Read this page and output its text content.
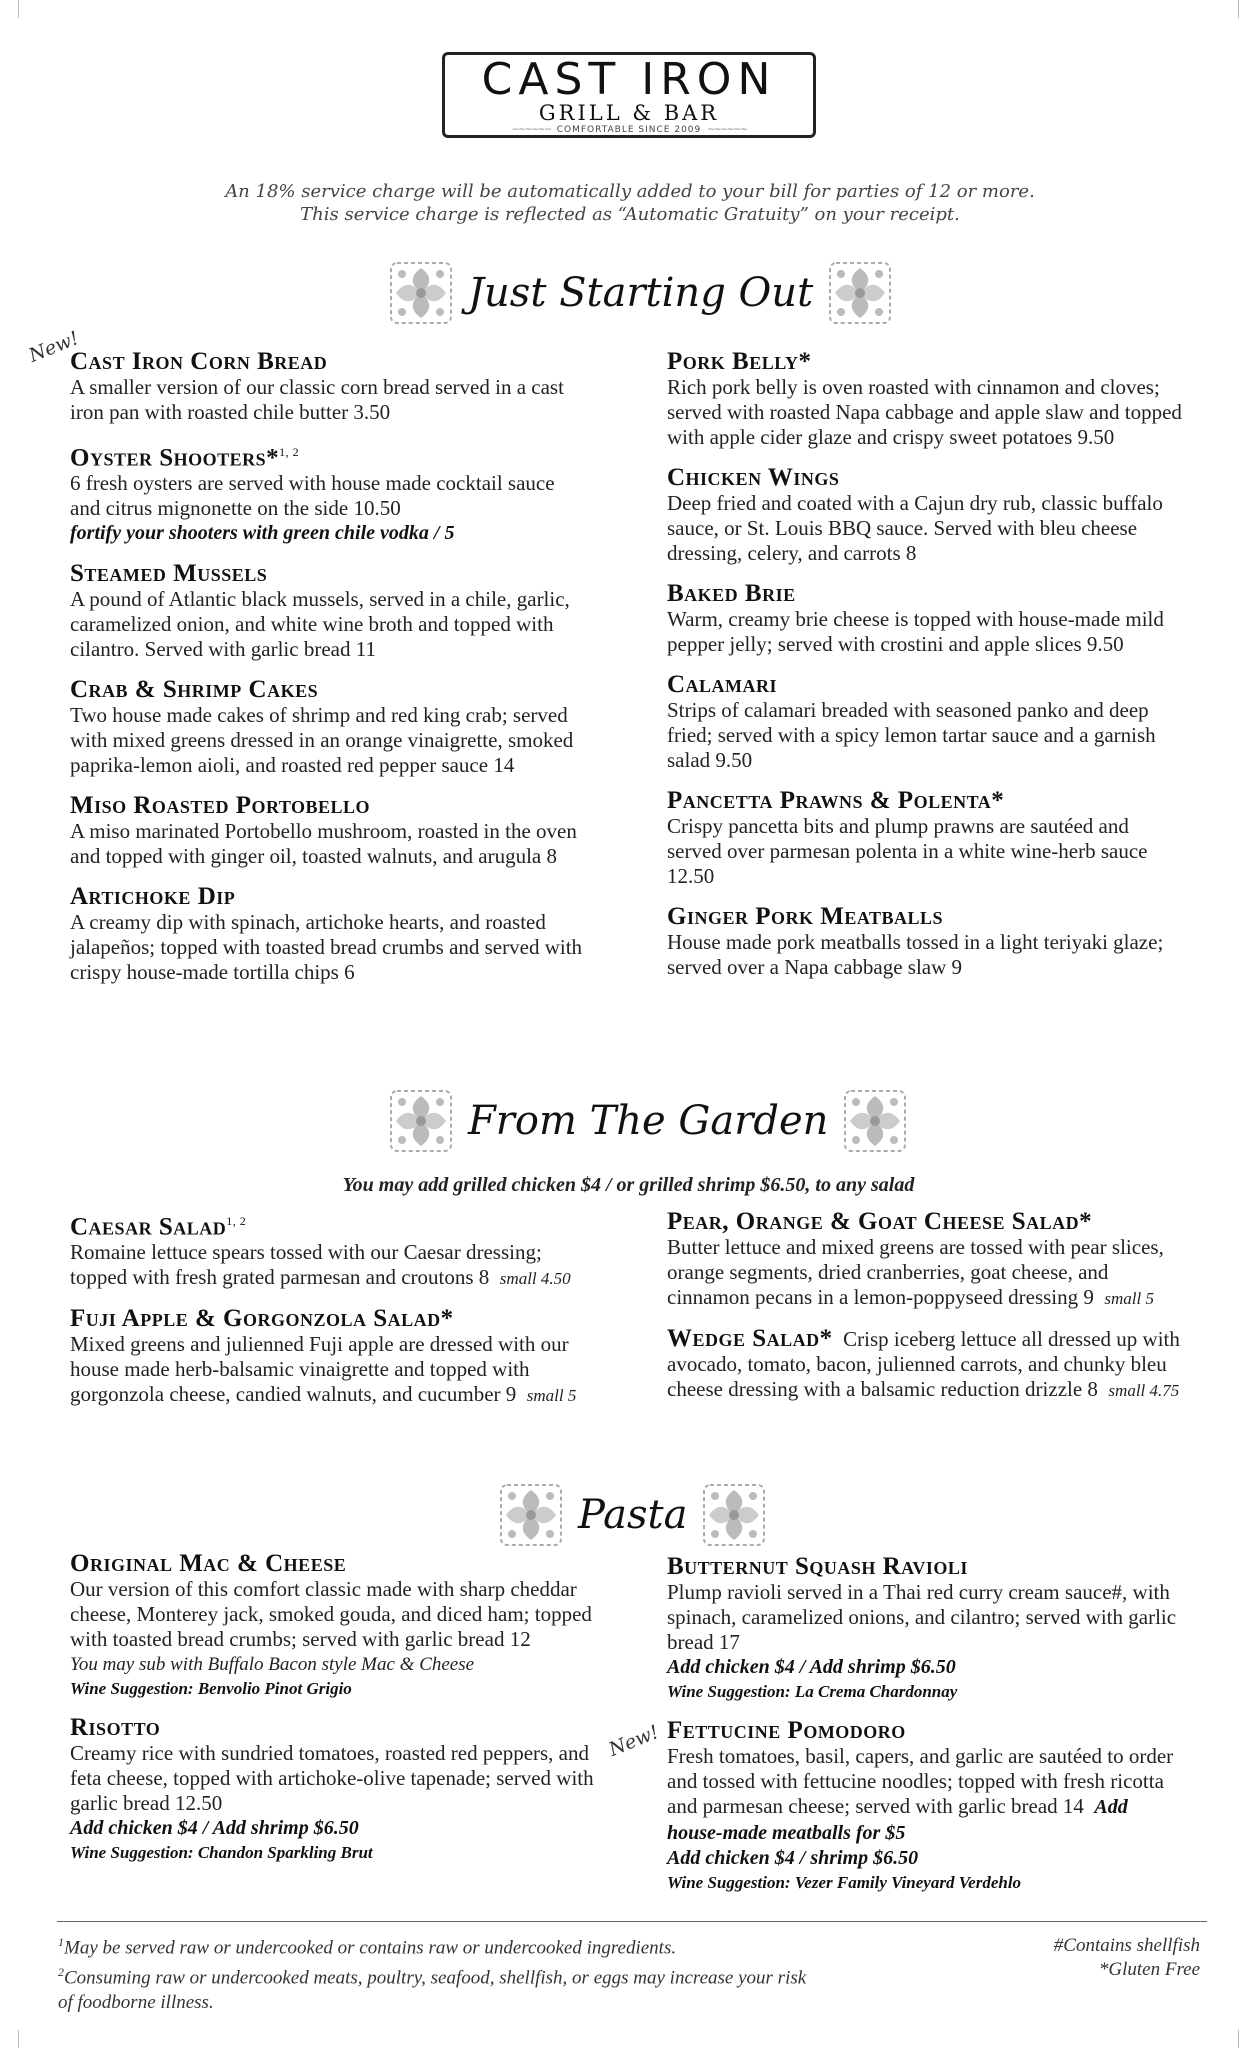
CAST IRON
GRILL & BAR
~~~~~~ COMFORTABLE SINCE 2009 ~~~~~~
An 18% service charge will be automatically added to your bill for parties of 12 or more.
This service charge is reflected as “Automatic Gratuity” on your receipt.
Just Starting Out
New!
Cast Iron Corn Bread
A smaller version of our classic corn bread served in a cast iron pan with roasted chile butter 3.50
Oyster Shooters*$^{1, 2}$
6 fresh oysters are served with house made cocktail sauce and citrus mignonette on the side 10.50
fortify your shooters with green chile vodka / 5
Steamed Mussels
A pound of Atlantic black mussels, served in a chile, garlic, caramelized onion, and white wine broth and topped with cilantro. Served with garlic bread 11
Crab & Shrimp Cakes
Two house made cakes of shrimp and red king crab; served with mixed greens dressed in an orange vinaigrette, smoked paprika-lemon aioli, and roasted red pepper sauce 14
Miso Roasted Portobello
A miso marinated Portobello mushroom, roasted in the oven and topped with ginger oil, toasted walnuts, and arugula 8
Artichoke Dip
A creamy dip with spinach, artichoke hearts, and roasted jalapeños; topped with toasted bread crumbs and served with crispy house-made tortilla chips 6
Pork Belly*
Rich pork belly is oven roasted with cinnamon and cloves; served with roasted Napa cabbage and apple slaw and topped with apple cider glaze and crispy sweet potatoes 9.50
Chicken Wings
Deep fried and coated with a Cajun dry rub, classic buffalo sauce, or St. Louis BBQ sauce. Served with bleu cheese dressing, celery, and carrots 8
Baked Brie
Warm, creamy brie cheese is topped with house-made mild pepper jelly; served with crostini and apple slices 9.50
Calamari
Strips of calamari breaded with seasoned panko and deep fried; served with a spicy lemon tartar sauce and a garnish salad 9.50
Pancetta Prawns & Polenta*
Crispy pancetta bits and plump prawns are sautéed and served over parmesan polenta in a white wine-herb sauce 12.50
Ginger Pork Meatballs
House made pork meatballs tossed in a light teriyaki glaze; served over a Napa cabbage slaw 9
From The Garden
You may add grilled chicken $4 / or grilled shrimp $6.50, to any salad
Caesar Salad$^{1, 2}$
Romaine lettuce spears tossed with our Caesar dressing; topped with fresh grated parmesan and croutons 8 small 4.50
Fuji Apple & Gorgonzola Salad*
Mixed greens and julienned Fuji apple are dressed with our house made herb-balsamic vinaigrette and topped with gorgonzola cheese, candied walnuts, and cucumber 9 small 5
Pear, Orange & Goat Cheese Salad*
Butter lettuce and mixed greens are tossed with pear slices, orange segments, dried cranberries, goat cheese, and cinnamon pecans in a lemon-poppyseed dressing 9 small 5
Wedge Salad* Crisp iceberg lettuce all dressed up with avocado, tomato, bacon, julienned carrots, and chunky bleu cheese dressing with a balsamic reduction drizzle 8 small 4.75
Pasta
Original Mac & Cheese
Our version of this comfort classic made with sharp cheddar cheese, Monterey jack, smoked gouda, and diced ham; topped with toasted bread crumbs; served with garlic bread 12
You may sub with Buffalo Bacon style Mac & Cheese
Wine Suggestion: Benvolio Pinot Grigio
Risotto
Creamy rice with sundried tomatoes, roasted red peppers, and feta cheese, topped with artichoke-olive tapenade; served with garlic bread 12.50
Add chicken $4 / Add shrimp $6.50
Wine Suggestion: Chandon Sparkling Brut
New!
Butternut Squash Ravioli
Plump ravioli served in a Thai red curry cream sauce#, with spinach, caramelized onions, and cilantro; served with garlic bread 17
Add chicken $4 / Add shrimp $6.50
Wine Suggestion: La Crema Chardonnay
Fettucine Pomodoro
Fresh tomatoes, basil, capers, and garlic are sautéed to order and tossed with fettucine noodles; topped with fresh ricotta and parmesan cheese; served with garlic bread 14 Add house-made meatballs for $5
Add chicken $4 / shrimp $6.50
Wine Suggestion: Vezer Family Vineyard Verdehlo
$^1$May be served raw or undercooked or contains raw or undercooked ingredients.
$^2$Consuming raw or undercooked meats, poultry, seafood, shellfish, or eggs may increase your risk of foodborne illness.
#Contains shellfish
*Gluten Free
